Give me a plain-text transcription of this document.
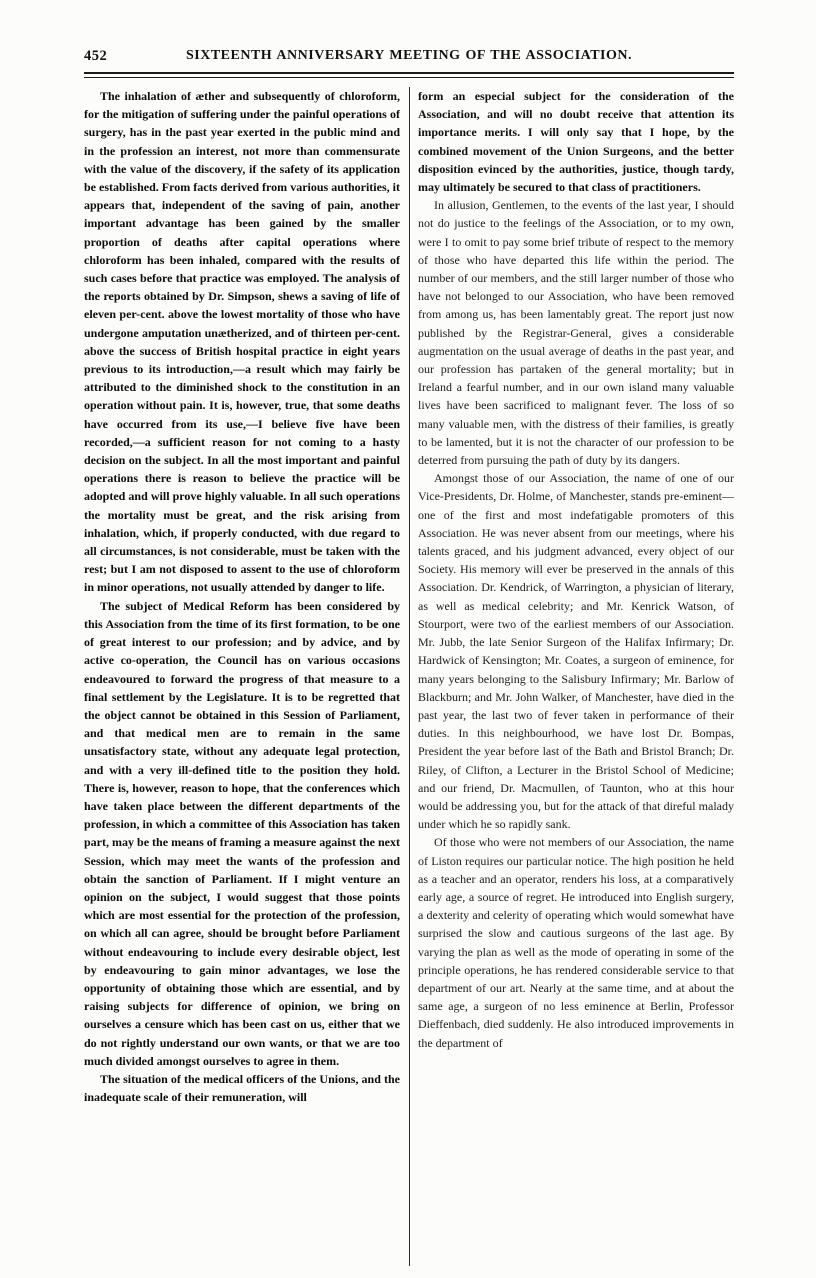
452	SIXTEENTH ANNIVERSARY MEETING OF THE ASSOCIATION.

The inhalation of æther and subsequently of chloroform, for the mitigation of suffering under the painful operations of surgery, has in the past year exerted in the public mind and in the profession an interest, not more than commensurate with the value of the discovery, if the safety of its application be established. From facts derived from various authorities, it appears that, independent of the saving of pain, another important advantage has been gained by the smaller proportion of deaths after capital operations where chloroform has been inhaled, compared with the results of such cases before that practice was employed. The analysis of the reports obtained by Dr. Simpson, shews a saving of life of eleven per-cent. above the lowest mortality of those who have undergone amputation unætherized, and of thirteen per-cent. above the success of British hospital practice in eight years previous to its introduction,—a result which may fairly be attributed to the diminished shock to the constitution in an operation without pain. It is, however, true, that some deaths have occurred from its use,—I believe five have been recorded,—a sufficient reason for not coming to a hasty decision on the subject. In all the most important and painful operations there is reason to believe the practice will be adopted and will prove highly valuable. In all such operations the mortality must be great, and the risk arising from inhalation, which, if properly conducted, with due regard to all circumstances, is not considerable, must be taken with the rest; but I am not disposed to assent to the use of chloroform in minor operations, not usually attended by danger to life.

The subject of Medical Reform has been considered by this Association from the time of its first formation, to be one of great interest to our profession; and by advice, and by active co-operation, the Council has on various occasions endeavoured to forward the progress of that measure to a final settlement by the Legislature. It is to be regretted that the object cannot be obtained in this Session of Parliament, and that medical men are to remain in the same unsatisfactory state, without any adequate legal protection, and with a very ill-defined title to the position they hold. There is, however, reason to hope, that the conferences which have taken place between the different departments of the profession, in which a committee of this Association has taken part, may be the means of framing a measure against the next Session, which may meet the wants of the profession and obtain the sanction of Parliament. If I might venture an opinion on the subject, I would suggest that those points which are most essential for the protection of the profession, on which all can agree, should be brought before Parliament without endeavouring to include every desirable object, lest by endeavouring to gain minor advantages, we lose the opportunity of obtaining those which are essential, and by raising subjects for difference of opinion, we bring on ourselves a censure which has been cast on us, either that we do not rightly understand our own wants, or that we are too much divided amongst ourselves to agree in them.

The situation of the medical officers of the Unions, and the inadequate scale of their remuneration, will

form an especial subject for the consideration of the Association, and will no doubt receive that attention its importance merits. I will only say that I hope, by the combined movement of the Union Surgeons, and the better disposition evinced by the authorities, justice, though tardy, may ultimately be secured to that class of practitioners.

In allusion, Gentlemen, to the events of the last year, I should not do justice to the feelings of the Association, or to my own, were I to omit to pay some brief tribute of respect to the memory of those who have departed this life within the period. The number of our members, and the still larger number of those who have not belonged to our Association, who have been removed from among us, has been lamentably great. The report just now published by the Registrar-General, gives a considerable augmentation on the usual average of deaths in the past year, and our profession has partaken of the general mortality; but in Ireland a fearful number, and in our own island many valuable lives have been sacrificed to malignant fever. The loss of so many valuable men, with the distress of their families, is greatly to be lamented, but it is not the character of our profession to be deterred from pursuing the path of duty by its dangers.

Amongst those of our Association, the name of one of our Vice-Presidents, Dr. Holme, of Manchester, stands pre-eminent—one of the first and most indefatigable promoters of this Association. He was never absent from our meetings, where his talents graced, and his judgment advanced, every object of our Society. His memory will ever be preserved in the annals of this Association. Dr. Kendrick, of Warrington, a physician of literary, as well as medical celebrity; and Mr. Kenrick Watson, of Stourport, were two of the earliest members of our Association. Mr. Jubb, the late Senior Surgeon of the Halifax Infirmary; Dr. Hardwick of Kensington; Mr. Coates, a surgeon of eminence, for many years belonging to the Salisbury Infirmary; Mr. Barlow of Blackburn; and Mr. John Walker, of Manchester, have died in the past year, the last two of fever taken in performance of their duties. In this neighbourhood, we have lost Dr. Bompas, President the year before last of the Bath and Bristol Branch; Dr. Riley, of Clifton, a Lecturer in the Bristol School of Medicine; and our friend, Dr. Macmullen, of Taunton, who at this hour would be addressing you, but for the attack of that direful malady under which he so rapidly sank.

Of those who were not members of our Association, the name of Liston requires our particular notice. The high position he held as a teacher and an operator, renders his loss, at a comparatively early age, a source of regret. He introduced into English surgery, a dexterity and celerity of operating which would somewhat have surprised the slow and cautious surgeons of the last age. By varying the plan as well as the mode of operating in some of the principle operations, he has rendered considerable service to that department of our art. Nearly at the same time, and at about the same age, a surgeon of no less eminence at Berlin, Professor Dieffenbach, died suddenly. He also introduced improvements in the department of
